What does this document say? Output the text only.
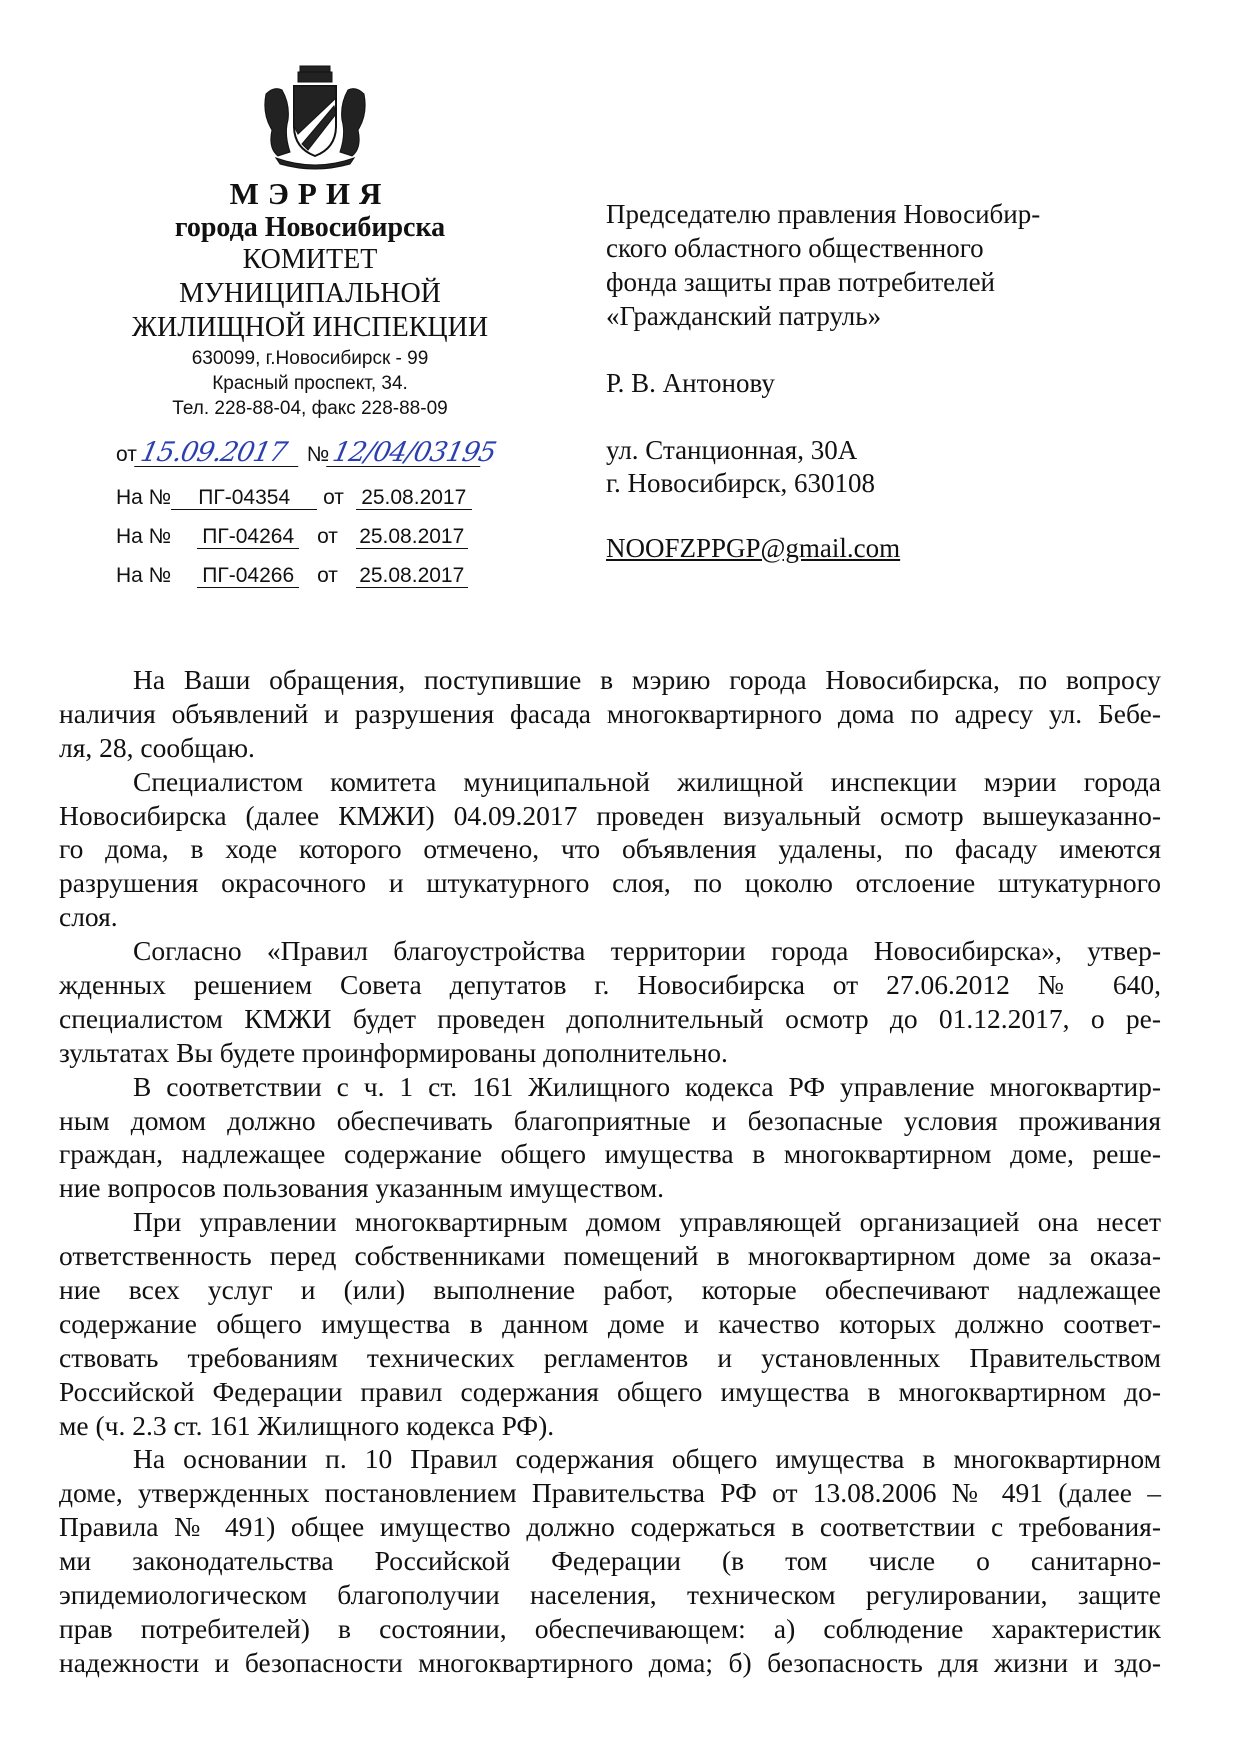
МЭРИЯ
города Новосибирска
КОМИТЕТ
МУНИЦИПАЛЬНОЙ
ЖИЛИЩНОЙ ИНСПЕКЦИИ
630099, г.Новосибирск - 99
Красный проспект, 34.
Тел. 228-88-04, факс 228-88-09
от15.09.2017 №12/04/03195
На № ПГ-04354 от 25.08.2017
На № ПГ-04264 от 25.08.2017
На № ПГ-04266 от 25.08.2017
Председателю правления Новосибир-
ского областного общественного
фонда защиты прав потребителей
«Гражданский патруль»
Р. В. Антонову
ул. Станционная, 30А
г. Новосибирск, 630108
NOOFZPPGP@gmail.com
На Ваши обращения, поступившие в мэрию города Новосибирска, по вопросу
наличия объявлений и разрушения фасада многоквартирного дома по адресу ул. Бебе-
ля, 28, сообщаю.
Специалистом комитета муниципальной жилищной инспекции мэрии города
Новосибирска (далее КМЖИ) 04.09.2017 проведен визуальный осмотр вышеуказанно-
го дома, в ходе которого отмечено, что объявления удалены, по фасаду имеются
разрушения окрасочного и штукатурного слоя, по цоколю отслоение штукатурного
слоя.
Согласно «Правил благоустройства территории города Новосибирска», утвер-
жденных решением Совета депутатов г. Новосибирска от 27.06.2012 № 640,
специалистом КМЖИ будет проведен дополнительный осмотр до 01.12.2017, о ре-
зультатах Вы будете проинформированы дополнительно.
В соответствии с ч. 1 ст. 161 Жилищного кодекса РФ управление многоквартир-
ным домом должно обеспечивать благоприятные и безопасные условия проживания
граждан, надлежащее содержание общего имущества в многоквартирном доме, реше-
ние вопросов пользования указанным имуществом.
При управлении многоквартирным домом управляющей организацией она несет
ответственность перед собственниками помещений в многоквартирном доме за оказа-
ние всех услуг и (или) выполнение работ, которые обеспечивают надлежащее
содержание общего имущества в данном доме и качество которых должно соответ-
ствовать требованиям технических регламентов и установленных Правительством
Российской Федерации правил содержания общего имущества в многоквартирном до-
ме (ч. 2.3 ст. 161 Жилищного кодекса РФ).
На основании п. 10 Правил содержания общего имущества в многоквартирном
доме, утвержденных постановлением Правительства РФ от 13.08.2006 № 491 (далее –
Правила № 491) общее имущество должно содержаться в соответствии с требования-
ми законодательства Российской Федерации (в том числе о санитарно-
эпидемиологическом благополучии населения, техническом регулировании, защите
прав потребителей) в состоянии, обеспечивающем: а) соблюдение характеристик
надежности и безопасности многоквартирного дома; б) безопасность для жизни и здо-
